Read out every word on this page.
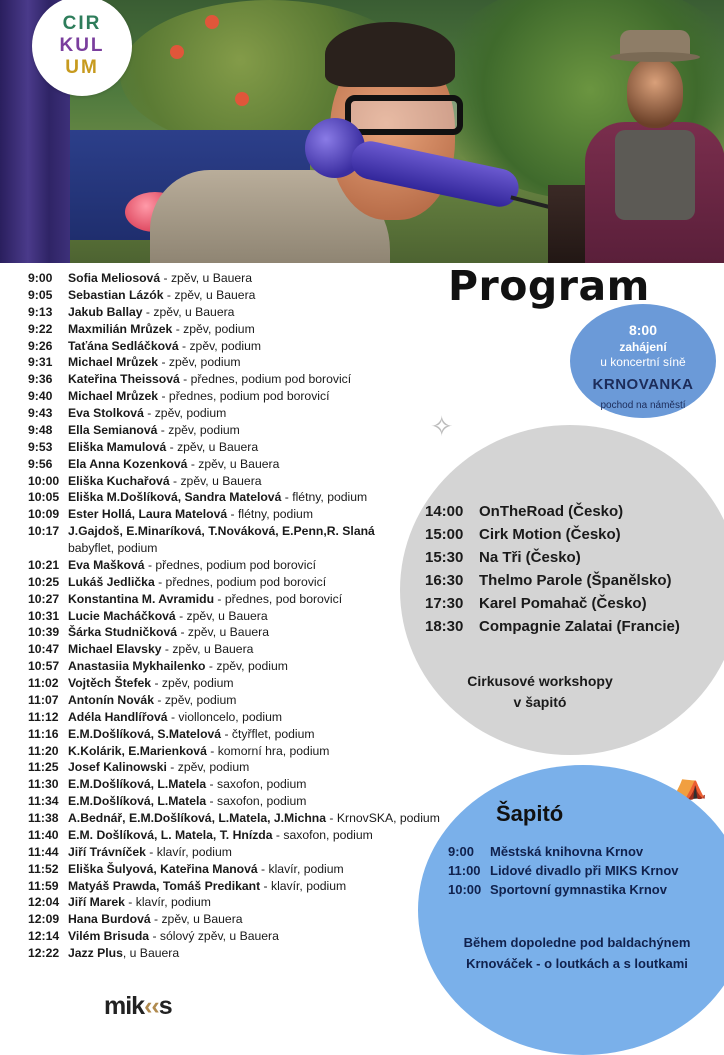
CIR
KUL
UM
Program
9:00 Sofia Meliosová - zpěv, u Bauera
9:05 Sebastian Lázók - zpěv, u Bauera
9:13 Jakub Ballay - zpěv, u Bauera
9:22 Maxmilián Mrůzek - zpěv, podium
9:26 Taťána Sedláčková - zpěv, podium
9:31 Michael Mrůzek - zpěv, podium
9:36 Kateřina Theissová - přednes, podium pod borovicí
9:40 Michael Mrůzek - přednes, podium pod borovicí
9:43 Eva Stolková - zpěv, podium
9:48 Ella Semianová - zpěv, podium
9:53 Eliška Mamulová - zpěv, u Bauera
9:56 Ela Anna Kozenková - zpěv, u Bauera
10:00 Eliška Kuchařová - zpěv, u Bauera
10:05 Eliška M.Došlíková, Sandra Matelová - flétny, podium
10:09 Ester Hollá, Laura Matelová - flétny, podium
10:17 J.Gajdoš, E.Minaríková, T.Nováková, E.Penn,R. Slaná
babyflet, podium
10:21 Eva Mašková - přednes, podium pod borovicí
10:25 Lukáš Jedlička - přednes, podium pod borovicí
10:27 Konstantina M. Avramidu - přednes, pod borovicí
10:31 Lucie Macháčková - zpěv, u Bauera
10:39 Šárka Studničková - zpěv, u Bauera
10:47 Michael Elavsky - zpěv, u Bauera
10:57 Anastasiia Mykhailenko - zpěv, podium
11:02 Vojtěch Štefek - zpěv, podium
11:07 Antonín Novák - zpěv, podium
11:12 Adéla Handlířová - violloncelo, podium
11:16 E.M.Došlíková, S.Matelová - čtyřflet, podium
11:20 K.Kolárik, E.Marienková - komorní hra, podium
11:25 Josef Kalinowski - zpěv, podium
11:30 E.M.Došlíková, L.Matela - saxofon, podium
11:34 E.M.Došlíková, L.Matela - saxofon, podium
11:38 A.Bednář, E.M.Došlíková, L.Matela, J.Michna - KrnovSKA, podium
11:40 E.M. Došlíková, L. Matela, T. Hnízda - saxofon, podium
11:44 Jiří Trávníček - klavír, podium
11:52 Eliška Šulyová, Kateřina Manová - klavír, podium
11:59 Matyáš Prawda, Tomáš Predikant - klavír, podium
12:04 Jiří Marek - klavír, podium
12:09 Hana Burdová - zpěv, u Bauera
12:14 Vilém Brisuda - sólový zpěv, u Bauera
12:22 Jazz Plus, u Bauera
8:00
zahájení
u koncertní síně
KRNOVANKA
pochod na náměstí
✧
⛺
14:00 OnTheRoad (Česko)
15:00 Cirk Motion (Česko)
15:30 Na Tři (Česko)
16:30 Thelmo Parole (Španělsko)
17:30 Karel Pomahač (Česko)
18:30 Compagnie Zalatai (Francie)
Cirkusové workshopy
v šapitó
Šapitó
9:00 Městská knihovna Krnov
11:00 Lidové divadlo při MIKS Krnov
10:00 Sportovní gymnastika Krnov
Během dopoledne pod baldachýnem
Krnováček - o loutkách a s loutkami
mik‹‹s
